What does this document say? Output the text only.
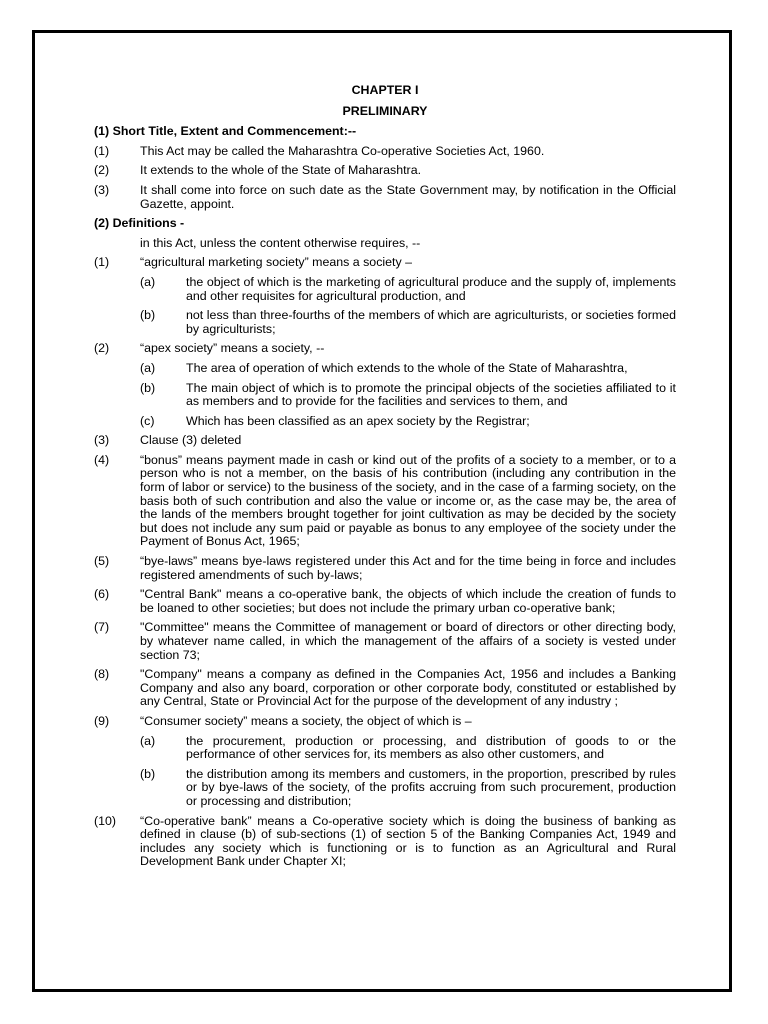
CHAPTER I
PRELIMINARY
(1) Short Title, Extent and Commencement:--
(1) This Act may be called the Maharashtra Co-operative Societies Act, 1960.
(2) It extends to the whole of the State of Maharashtra.
(3) It shall come into force on such date as the State Government may, by notification in the Official Gazette, appoint.
(2) Definitions -
in this Act, unless the content otherwise requires, --
(1) “agricultural marketing society” means a society –
(a) the object of which is the marketing of agricultural produce and the supply of, implements and other requisites for agricultural production, and
(b) not less than three-fourths of the members of which are agriculturists, or societies formed by agriculturists;
(2) “apex society” means a society, --
(a) The area of operation of which extends to the whole of the State of Maharashtra,
(b) The main object of which is to promote the principal objects of the societies affiliated to it as members and to provide for the facilities and services to them, and
(c)	Which has been classified as an apex society by the Registrar;
(3) Clause (3) deleted
(4) “bonus” means payment made in cash or kind out of the profits of a society to a member, or to a person who is not a member, on the basis of his contribution (including any contribution in the form of labor or service) to the business of the society, and in the case of a farming society, on the basis both of such contribution and also the value or income or, as the case may be, the area of the lands of the members brought together for joint cultivation as may be decided by the society but does not include any sum paid or payable as bonus to any employee of the society under the Payment of Bonus Act, 1965;
(5) “bye-laws” means bye-laws registered under this Act and for the time being in force and includes registered amendments of such by-laws;
(6) "Central Bank" means a co-operative bank, the objects of which include the creation of funds to be loaned to other societies; but does not include the primary urban co-operative bank;
(7) "Committee" means the Committee of management or board of directors or other directing body, by whatever name called, in which the management of the affairs of a society is vested under section 73;
(8) "Company" means a company as defined in the Companies Act, 1956 and includes a Banking Company and also any board, corporation or other corporate body, constituted or established by any Central, State or Provincial Act for the purpose of the development of any industry ;
(9) “Consumer society” means a society, the object of which is –
(a) the procurement, production or processing, and distribution of goods to or the performance of other services for, its members as also other customers, and
(b) the distribution among its members and customers, in the proportion, prescribed by rules or by bye-laws of the society, of the profits accruing from such procurement, production or processing and distribution;
(10) “Co-operative bank” means a Co-operative society which is doing the business of banking as defined in clause (b) of sub-sections (1) of section 5 of the Banking Companies Act, 1949 and includes any society which is functioning or is to function as an Agricultural and Rural Development Bank under Chapter XI;
